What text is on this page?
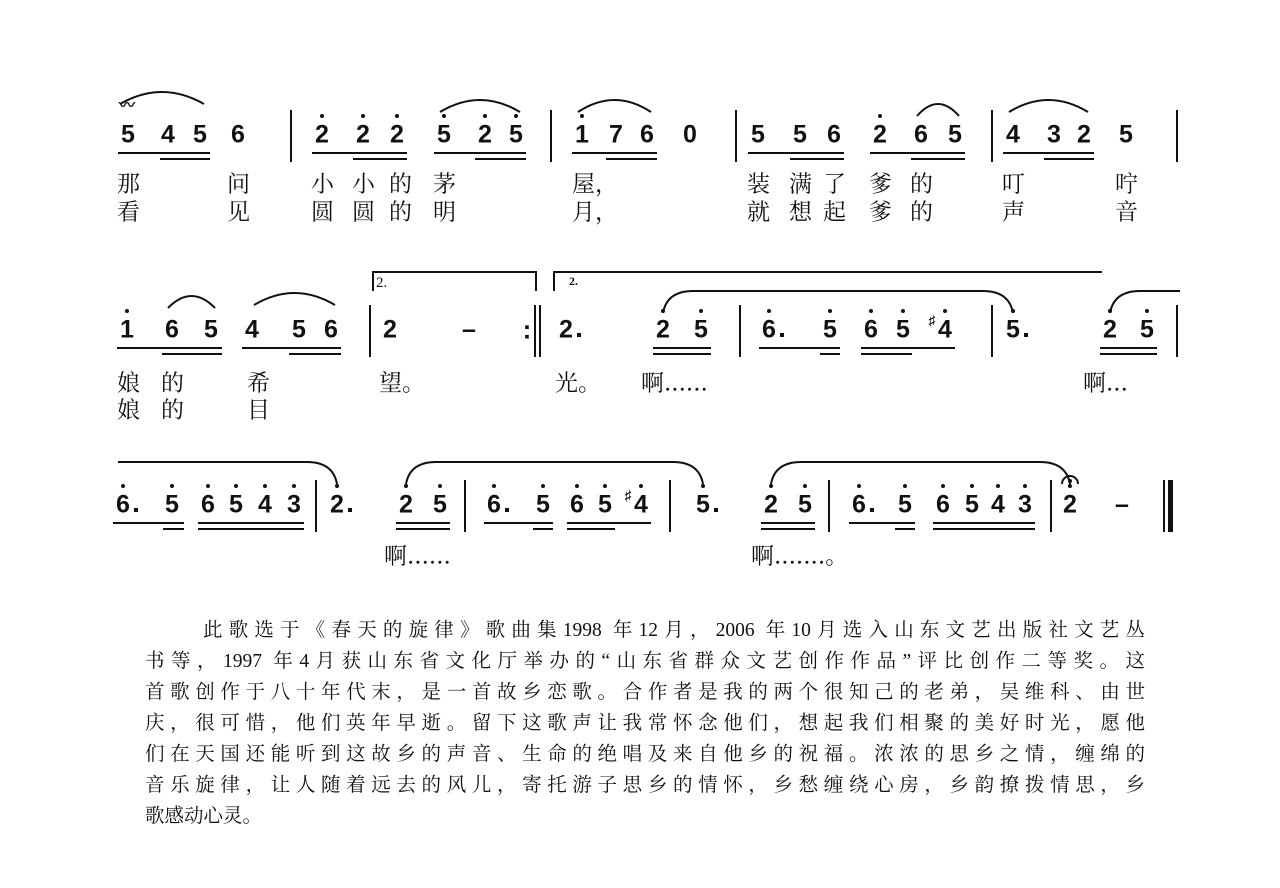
5 4 5 6	2 2 2 5 2 5 1 7 6 0 5 5 6 2 6 5 4 3 2 5
那	问	小 小 的 茅	屋，	装 满 了 爹 的	叮	咛
看	见	圆 圆 的 明	月，	就 想 起 爹 的	声	音
1 6 5 4 5 6 2	–	2	2 5 6 5 6 5 4
♯	5	2 5
娘 的	希	望。	光。 啊......	啊...
娘 的	目
6 5 6 5 4 3 2 2 5 6 5 6 5 4
♯	5 2 5 6 5 6 5 4 3 2 –
啊......	啊.......。
〰
:
2.	2.
此歌选于《春天的旋律》歌曲集1998 年12月，2006 年10月选入山东文艺出版社文艺丛
书等，1997 年4月获山东省文化厅举办的“山东省群众文艺创作作品”评比创作二等奖。这
首歌创作于八十年代末，是一首故乡恋歌。合作者是我的两个很知己的老弟，吴维科、由世
庆，很可惜，他们英年早逝。留下这歌声让我常怀念他们，想起我们相聚的美好时光，愿他
们在天国还能听到这故乡的声音、生命的绝唱及来自他乡的祝福。浓浓的思乡之情，缠绵的
音乐旋律，让人随着远去的风儿，寄托游子思乡的情怀，乡愁缠绕心房，乡韵撩拨情思，乡
歌感动心灵。
